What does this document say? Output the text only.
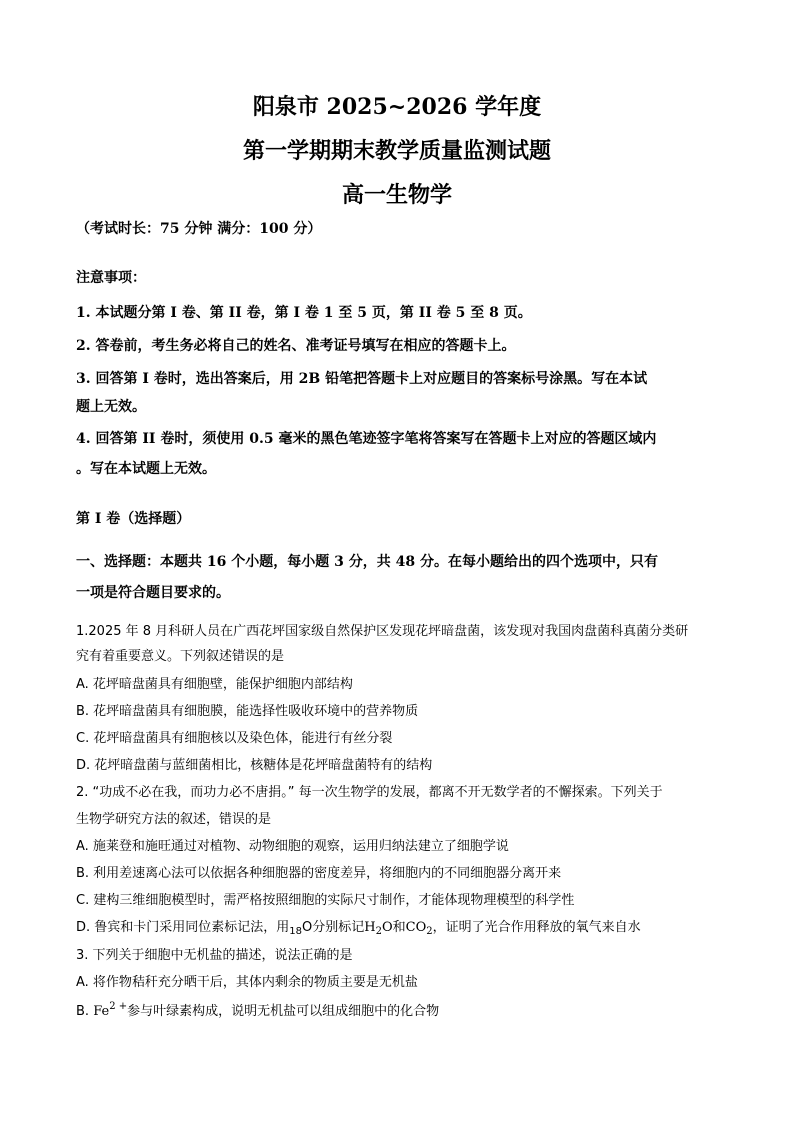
阳泉市 2025~2026 学年度
第一学期期末教学质量监测试题
高一生物学
（考试时长：75 分钟 满分：100 分）
注意事项：
1. 本试题分第 I 卷、第 II 卷，第 I 卷 1 至 5 页，第 II 卷 5 至 8 页。
2. 答卷前，考生务必将自己的姓名、准考证号填写在相应的答题卡上。
3. 回答第 I 卷时，选出答案后，用 2B 铅笔把答题卡上对应题目的答案标号涂黑。写在本试
题上无效。
4. 回答第 II 卷时，须使用 0.5 毫米的黑色笔迹签字笔将答案写在答题卡上对应的答题区域内
。写在本试题上无效。
第 I 卷（选择题）
一、选择题：本题共 16 个小题，每小题 3 分，共 48 分。在每小题给出的四个选项中，只有
一项是符合题目要求的。
1.2025 年 8 月科研人员在广西花坪国家级自然保护区发现花坪暗盘菌，该发现对我国肉盘菌科真菌分类研
究有着重要意义。下列叙述错误的是
A. 花坪暗盘菌具有细胞壁，能保护细胞内部结构
B. 花坪暗盘菌具有细胞膜，能选择性吸收环境中的营养物质
C. 花坪暗盘菌具有细胞核以及染色体，能进行有丝分裂
D. 花坪暗盘菌与蓝细菌相比，核糖体是花坪暗盘菌特有的结构
2. “功成不必在我，而功力必不唐捐。” 每一次生物学的发展，都离不开无数学者的不懈探索。下列关于
生物学研究方法的叙述，错误的是
A. 施莱登和施旺通过对植物、动物细胞的观察，运用归纳法建立了细胞学说
B. 利用差速离心法可以依据各种细胞器的密度差异，将细胞内的不同细胞器分离开来
C. 建构三维细胞模型时，需严格按照细胞的实际尺寸制作，才能体现物理模型的科学性
D. 鲁宾和卡门采用同位素标记法，用$_{18}$O分别标记$H_2O$和$CO_2$，证明了光合作用释放的氧气来自水
3. 下列关于细胞中无机盐的描述，说法正确的是
A. 将作物秸秆充分晒干后，其体内剩余的物质主要是无机盐
B. $Fe^{2 +}$参与叶绿素构成，说明无机盐可以组成细胞中的化合物
